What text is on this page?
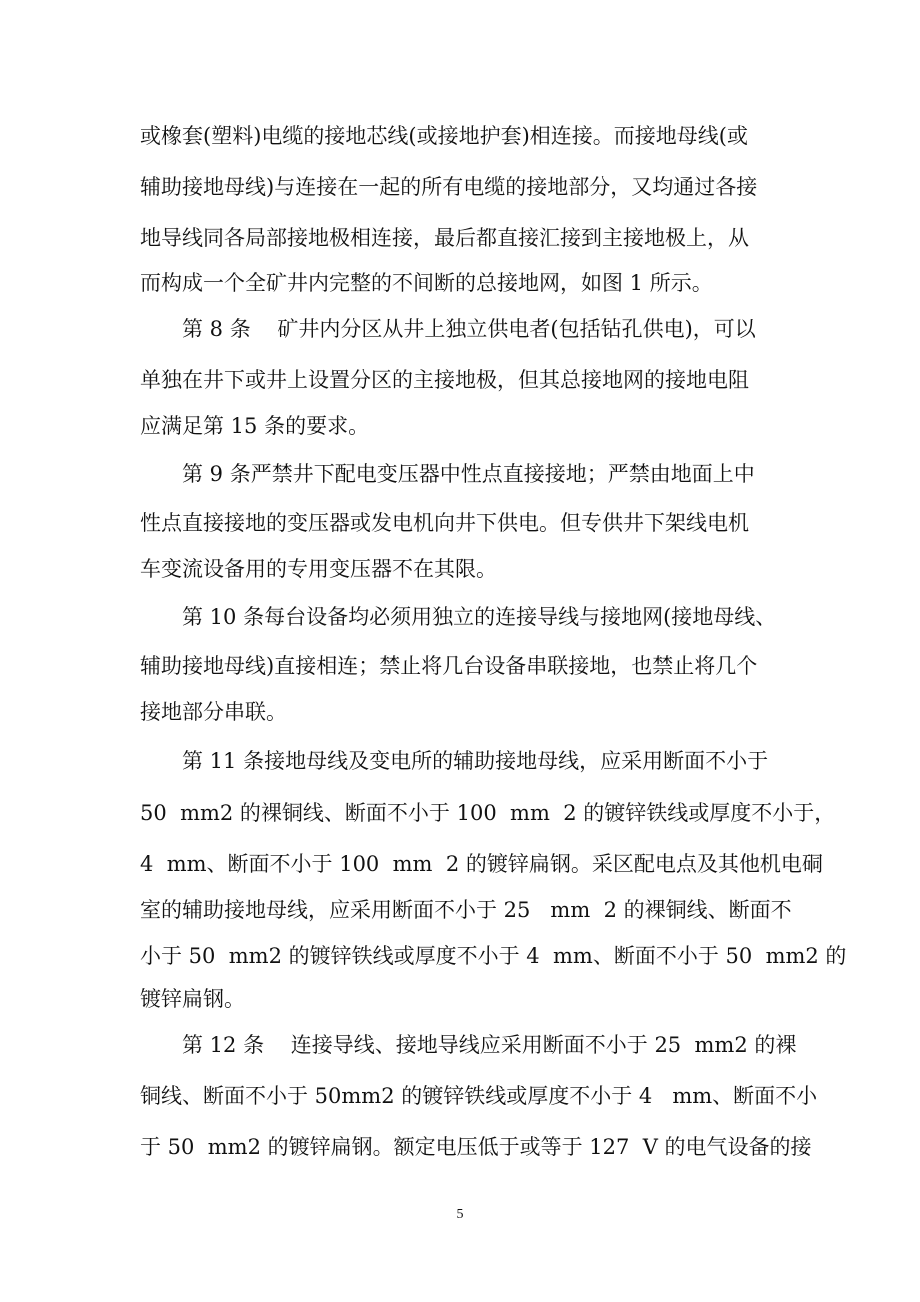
或橡套(塑料)电缆的接地芯线(或接地护套)相连接。而接地母线(或
辅助接地母线)与连接在一起的所有电缆的接地部分，又均通过各接
地导线同各局部接地极相连接，最后都直接汇接到主接地极上，从
而构成一个全矿井内完整的不间断的总接地网，如图 1 所示。
第 8 条    矿井内分区从井上独立供电者(包括钻孔供电)，可以
单独在井下或井上设置分区的主接地极，但其总接地网的接地电阻
应满足第 15 条的要求。
第 9 条严禁井下配电变压器中性点直接接地；严禁由地面上中
性点直接接地的变压器或发电机向井下供电。但专供井下架线电机
车变流设备用的专用变压器不在其限。
第 10 条每台设备均必须用独立的连接导线与接地网(接地母线、
辅助接地母线)直接相连；禁止将几台设备串联接地，也禁止将几个
接地部分串联。
第 11 条接地母线及变电所的辅助接地母线，应采用断面不小于
50  mm2 的裸铜线、断面不小于 100  mm  2 的镀锌铁线或厚度不小于，
4  mm、断面不小于 100  mm  2 的镀锌扁钢。采区配电点及其他机电硐
室的辅助接地母线，应采用断面不小于 25   mm  2 的裸铜线、断面不
小于 50  mm2 的镀锌铁线或厚度不小于 4  mm、断面不小于 50  mm2 的
镀锌扁钢。
第 12 条    连接导线、接地导线应采用断面不小于 25  mm2 的裸
铜线、断面不小于 50mm2 的镀锌铁线或厚度不小于 4   mm、断面不小
于 50  mm2 的镀锌扁钢。额定电压低于或等于 127  V 的电气设备的接
5
